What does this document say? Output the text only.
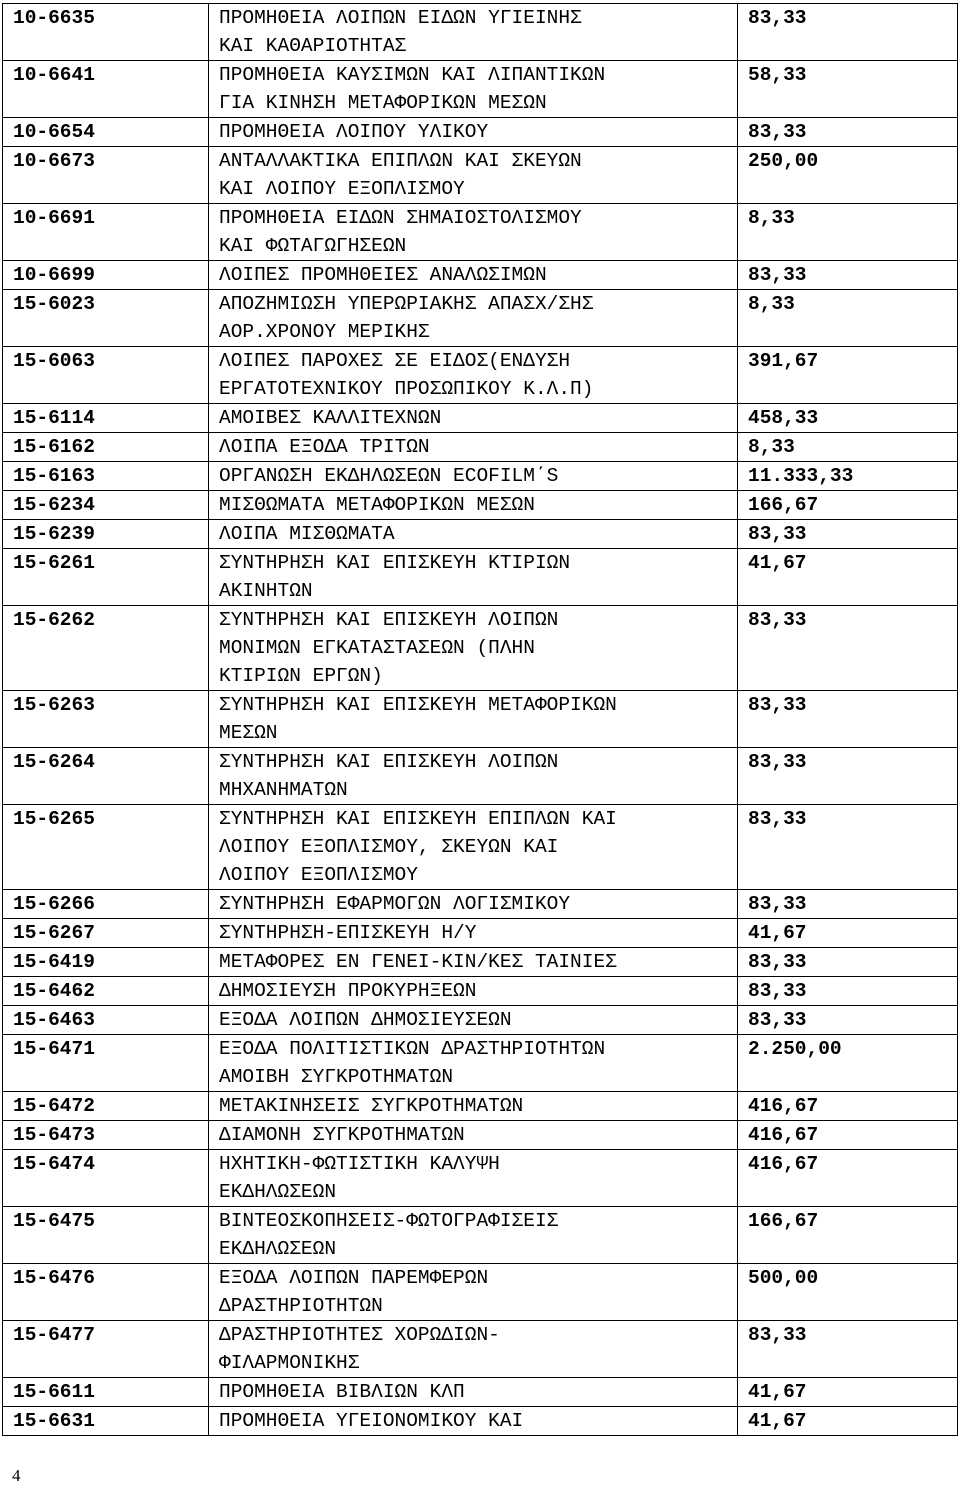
10-6635	ΠΡΟΜΗΘΕΙΑ ΛΟΙΠΩΝ ΕΙΔΩΝ ΥΓΙΕΙΝΗΣ
ΚΑΙ ΚΑΘΑΡΙΟΤΗΤΑΣ	83,33
10-6641	ΠΡΟΜΗΘΕΙΑ ΚΑΥΣΙΜΩΝ ΚΑΙ ΛΙΠΑΝΤΙΚΩΝ
ΓΙΑ ΚΙΝΗΣΗ ΜΕΤΑΦΟΡΙΚΩΝ ΜΕΣΩΝ	58,33
10-6654	ΠΡΟΜΗΘΕΙΑ ΛΟΙΠΟΥ ΥΛΙΚΟΥ	83,33
10-6673	ΑΝΤΑΛΛΑΚΤΙΚΑ ΕΠΙΠΛΩΝ ΚΑΙ ΣΚΕΥΩΝ
ΚΑΙ ΛΟΙΠΟΥ ΕΞΟΠΛΙΣΜΟΥ	250,00
10-6691	ΠΡΟΜΗΘΕΙΑ ΕΙΔΩΝ ΣΗΜΑΙΟΣΤΟΛΙΣΜΟΥ
ΚΑΙ ΦΩΤΑΓΩΓΗΣΕΩΝ	8,33
10-6699	ΛΟΙΠΕΣ ΠΡΟΜΗΘΕΙΕΣ ΑΝΑΛΩΣΙΜΩΝ	83,33
15-6023	ΑΠΟΖΗΜΙΩΣΗ ΥΠΕΡΩΡΙΑΚΗΣ ΑΠΑΣΧ/ΣΗΣ
ΑΟΡ.ΧΡΟΝΟΥ ΜΕΡΙΚΗΣ	8,33
15-6063	ΛΟΙΠΕΣ ΠΑΡΟΧΕΣ ΣΕ ΕΙΔΟΣ(ΕΝΔΥΣΗ
ΕΡΓΑΤΟΤΕΧΝΙΚΟΥ ΠΡΟΣΩΠΙΚΟΥ Κ.Λ.Π)	391,67
15-6114	ΑΜΟΙΒΕΣ ΚΑΛΛΙΤΕΧΝΩΝ	458,33
15-6162	ΛΟΙΠΑ ΕΞΟΔΑ ΤΡΙΤΩΝ	8,33
15-6163	ΟΡΓΑΝΩΣΗ ΕΚΔΗΛΩΣΕΩΝ ECOFILM΄S	11.333,33
15-6234	ΜΙΣΘΩΜΑΤΑ ΜΕΤΑΦΟΡΙΚΩΝ ΜΕΣΩΝ	166,67
15-6239	ΛΟΙΠΑ ΜΙΣΘΩΜΑΤΑ	83,33
15-6261	ΣΥΝΤΗΡΗΣΗ ΚΑΙ ΕΠΙΣΚΕΥΗ ΚΤΙΡΙΩΝ
ΑΚΙΝΗΤΩΝ	41,67
15-6262	ΣΥΝΤΗΡΗΣΗ ΚΑΙ ΕΠΙΣΚΕΥΗ ΛΟΙΠΩΝ
ΜΟΝΙΜΩΝ ΕΓΚΑΤΑΣΤΑΣΕΩΝ (ΠΛΗΝ
ΚΤΙΡΙΩΝ ΕΡΓΩΝ)	83,33
15-6263	ΣΥΝΤΗΡΗΣΗ ΚΑΙ ΕΠΙΣΚΕΥΗ ΜΕΤΑΦΟΡΙΚΩΝ
ΜΕΣΩΝ	83,33
15-6264	ΣΥΝΤΗΡΗΣΗ ΚΑΙ ΕΠΙΣΚΕΥΗ ΛΟΙΠΩΝ
ΜΗΧΑΝΗΜΑΤΩΝ	83,33
15-6265	ΣΥΝΤΗΡΗΣΗ ΚΑΙ ΕΠΙΣΚΕΥΗ ΕΠΙΠΛΩΝ ΚΑΙ
ΛΟΙΠΟΥ ΕΞΟΠΛΙΣΜΟΥ, ΣΚΕΥΩΝ ΚΑΙ
ΛΟΙΠΟΥ ΕΞΟΠΛΙΣΜΟΥ	83,33
15-6266	ΣΥΝΤΗΡΗΣΗ ΕΦΑΡΜΟΓΩΝ ΛΟΓΙΣΜΙΚΟΥ	83,33
15-6267	ΣΥΝΤΗΡΗΣΗ-ΕΠΙΣΚΕΥΗ Η/Υ	41,67
15-6419	ΜΕΤΑΦΟΡΕΣ ΕΝ ΓΕΝΕΙ-ΚΙΝ/ΚΕΣ ΤΑΙΝΙΕΣ	83,33
15-6462	ΔΗΜΟΣΙΕΥΣΗ ΠΡΟΚΥΡΗΞΕΩΝ	83,33
15-6463	ΕΞΟΔΑ ΛΟΙΠΩΝ ΔΗΜΟΣΙΕΥΣΕΩΝ	83,33
15-6471	ΕΞΟΔΑ ΠΟΛΙΤΙΣΤΙΚΩΝ ΔΡΑΣΤΗΡΙΟΤΗΤΩΝ
ΑΜΟΙΒΗ ΣΥΓΚΡΟΤΗΜΑΤΩΝ	2.250,00
15-6472	ΜΕΤΑΚΙΝΗΣΕΙΣ ΣΥΓΚΡΟΤΗΜΑΤΩΝ	416,67
15-6473	ΔΙΑΜΟΝΗ ΣΥΓΚΡΟΤΗΜΑΤΩΝ	416,67
15-6474	ΗΧΗΤΙΚΗ-ΦΩΤΙΣΤΙΚΗ ΚΑΛΥΨΗ
ΕΚΔΗΛΩΣΕΩΝ	416,67
15-6475	ΒΙΝΤΕΟΣΚΟΠΗΣΕΙΣ-ΦΩΤΟΓΡΑΦΙΣΕΙΣ
ΕΚΔΗΛΩΣΕΩΝ	166,67
15-6476	ΕΞΟΔΑ ΛΟΙΠΩΝ ΠΑΡΕΜΦΕΡΩΝ
ΔΡΑΣΤΗΡΙΟΤΗΤΩΝ	500,00
15-6477	ΔΡΑΣΤΗΡΙΟΤΗΤΕΣ ΧΟΡΩΔΙΩΝ-
ΦΙΛΑΡΜΟΝΙΚΗΣ	83,33
15-6611	ΠΡΟΜΗΘΕΙΑ ΒΙΒΛΙΩΝ ΚΛΠ	41,67
15-6631	ΠΡΟΜΗΘΕΙΑ ΥΓΕΙΟΝΟΜΙΚΟΥ ΚΑΙ	41,67
4
